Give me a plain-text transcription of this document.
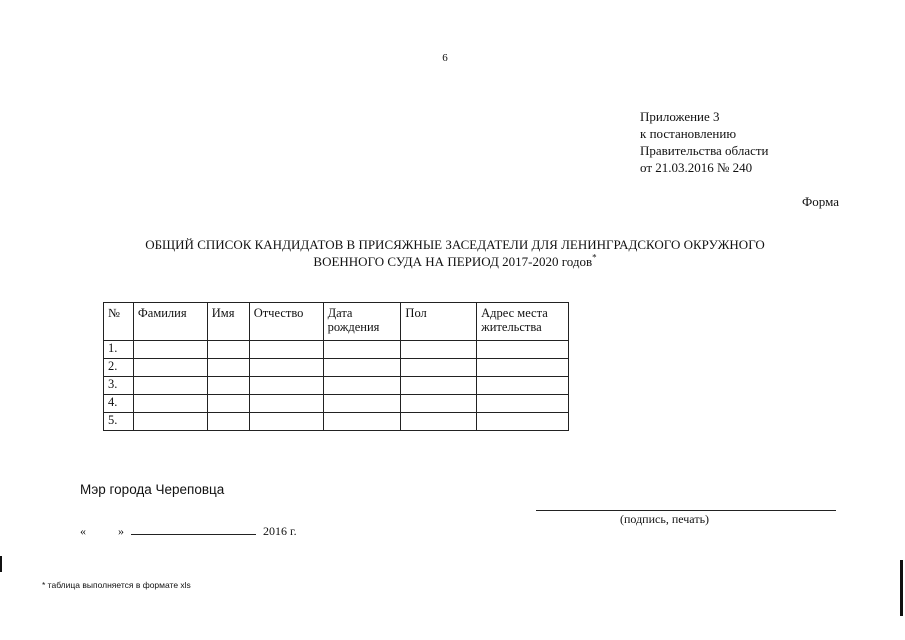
6
Приложение 3
к постановлению
Правительства области
от 21.03.2016 № 240
Форма
ОБЩИЙ СПИСОК КАНДИДАТОВ В ПРИСЯЖНЫЕ ЗАСЕДАТЕЛИ ДЛЯ ЛЕНИНГРАДСКОГО ОКРУЖНОГО
ВОЕННОГО СУДА НА ПЕРИОД 2017-2020 годов*
№	Фамилия	Имя	Отчество	Дата рождения	Пол	Адрес места жительства
1.						
2.						
3.						
4.						
5.						
Мэр города Череповца
(подпись, печать)
«	»	2016 г.
* таблица выполняется в формате xls
